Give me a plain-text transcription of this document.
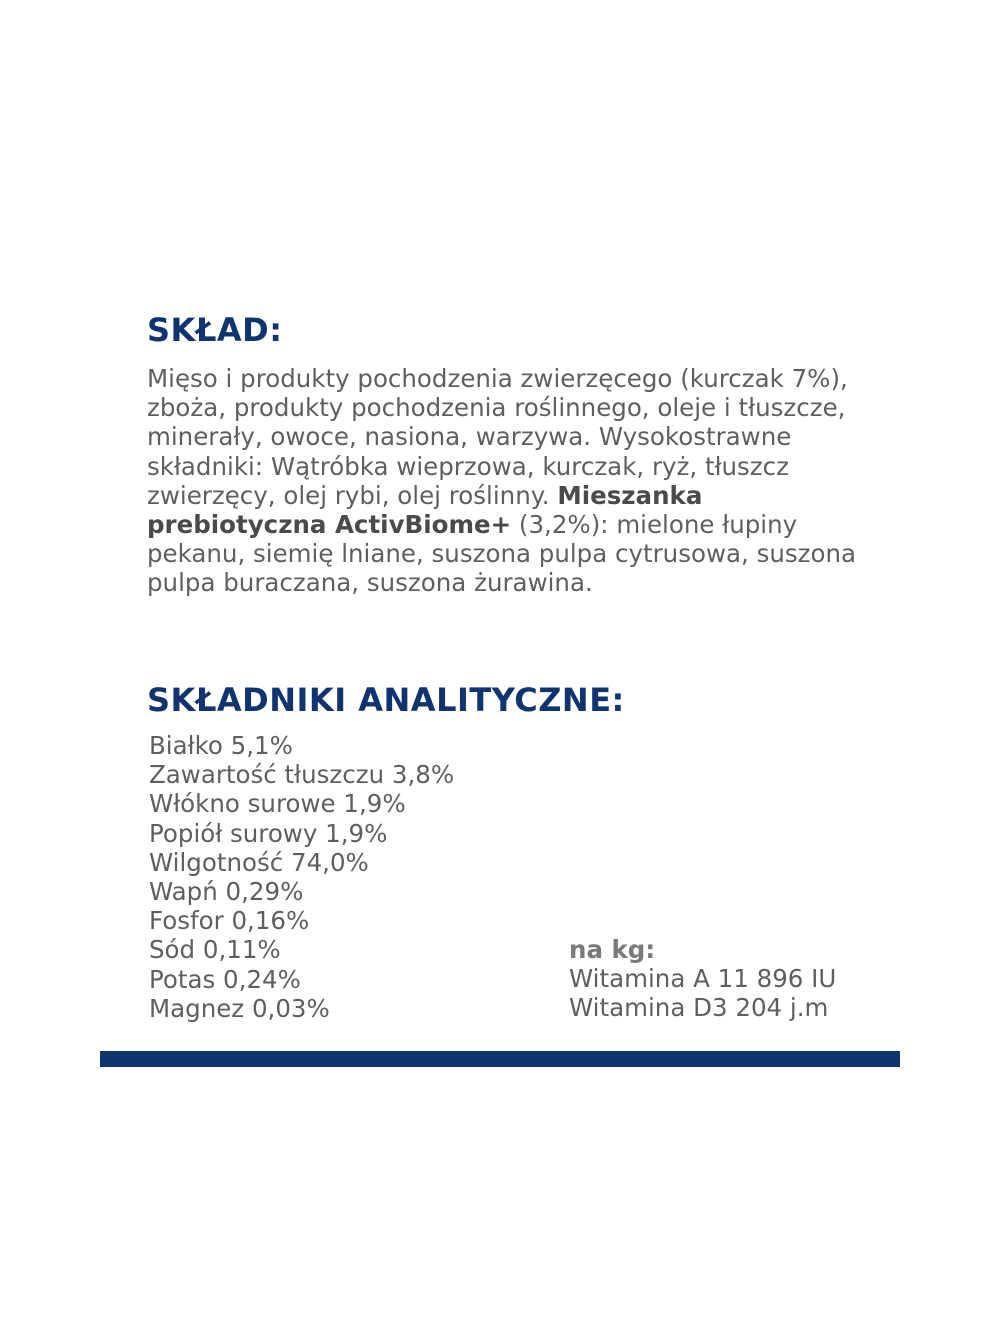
SKŁAD:

Mięso i produkty pochodzenia zwierzęcego (kurczak 7%), zboża, produkty pochodzenia roślinnego, oleje i tłuszcze, minerały, owoce, nasiona, warzywa. Wysokostrawne składniki: Wątróbka wieprzowa, kurczak, ryż, tłuszcz zwierzęcy, olej rybi, olej roślinny. Mieszanka prebiotyczna ActivBiome+ (3,2%): mielone łupiny pekanu, siemię lniane, suszona pulpa cytrusowa, suszona pulpa buraczana, suszona żurawina.

SKŁADNIKI ANALITYCZNE:
Białko 5,1%
Zawartość tłuszczu 3,8%
Włókno surowe 1,9%
Popiół surowy 1,9%
Wilgotność 74,0%
Wapń 0,29%
Fosfor 0,16%
Sód 0,11%
Potas 0,24%
Magnez 0,03%
na kg:
Witamina A 11 896 IU
Witamina D3 204 j.m
